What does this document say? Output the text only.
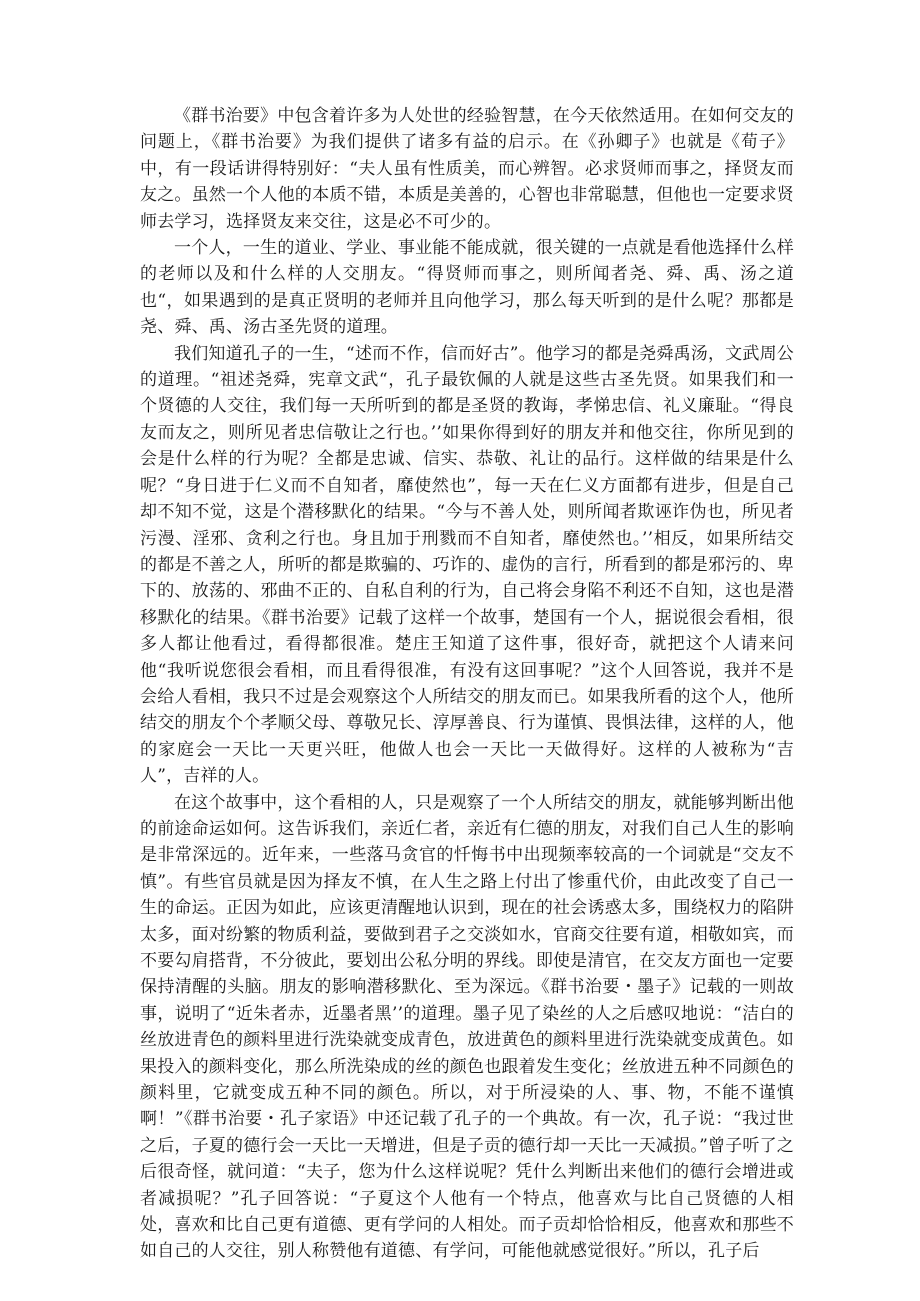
《群书治要》中包含着许多为人处世的经验智慧，在今天依然适用。在如何交友的问题上，《群书治要》为我们提供了诸多有益的启示。在《孙卿子》也就是《荀子》中，有一段话讲得特别好：“夫人虽有性质美，而心辨智。必求贤师而事之，择贤友而友之。虽然一个人他的本质不错，本质是美善的，心智也非常聪慧，但他也一定要求贤师去学习，选择贤友来交往，这是必不可少的。

一个人，一生的道业、学业、事业能不能成就，很关键的一点就是看他选择什么样的老师以及和什么样的人交朋友。“得贤师而事之，则所闻者尧、舜、禹、汤之道也“，如果遇到的是真正贤明的老师并且向他学习，那么每天听到的是什么呢？那都是尧、舜、禹、汤古圣先贤的道理。

我们知道孔子的一生，“述而不作，信而好古”。他学习的都是尧舜禹汤，文武周公的道理。“祖述尧舜，宪章文武“，孔子最钦佩的人就是这些古圣先贤。如果我们和一个贤德的人交往，我们每一天所听到的都是圣贤的教诲，孝悌忠信、礼义廉耻。“得良友而友之，则所见者忠信敬让之行也。’’如果你得到好的朋友并和他交往，你所见到的会是什么样的行为呢？全都是忠诚、信实、恭敬、礼让的品行。这样做的结果是什么呢？“身日进于仁义而不自知者，靡使然也”，每一天在仁义方面都有进步，但是自己却不知不觉，这是个潜移默化的结果。“今与不善人处，则所闻者欺诬诈伪也，所见者污漫、淫邪、贪利之行也。身且加于刑戮而不自知者，靡使然也。’’相反，如果所结交的都是不善之人，所听的都是欺骗的、巧诈的、虚伪的言行，所看到的都是邪污的、卑下的、放荡的、邪曲不正的、自私自利的行为，自己将会身陷不利还不自知，这也是潜移默化的结果。《群书治要》记载了这样一个故事，楚国有一个人，据说很会看相，很多人都让他看过，看得都很准。楚庄王知道了这件事，很好奇，就把这个人请来问他“我听说您很会看相，而且看得很准，有没有这回事呢？”这个人回答说，我并不是会给人看相，我只不过是会观察这个人所结交的朋友而已。如果我所看的这个人，他所结交的朋友个个孝顺父母、尊敬兄长、淳厚善良、行为谨慎、畏惧法律，这样的人，他的家庭会一天比一天更兴旺，他做人也会一天比一天做得好。这样的人被称为“吉人”，吉祥的人。

在这个故事中，这个看相的人，只是观察了一个人所结交的朋友，就能够判断出他的前途命运如何。这告诉我们，亲近仁者，亲近有仁德的朋友，对我们自己人生的影响是非常深远的。近年来，一些落马贪官的忏悔书中出现频率较高的一个词就是“交友不慎”。有些官员就是因为择友不慎，在人生之路上付出了惨重代价，由此改变了自己一生的命运。正因为如此，应该更清醒地认识到，现在的社会诱惑太多，围绕权力的陷阱太多，面对纷繁的物质利益，要做到君子之交淡如水，官商交往要有道，相敬如宾，而不要勾肩搭背，不分彼此，要划出公私分明的界线。即使是清官，在交友方面也一定要保持清醒的头脑。朋友的影响潜移默化、至为深远。《群书治要・墨子》记载的一则故事，说明了“近朱者赤，近墨者黑’’的道理。墨子见了染丝的人之后感叹地说：“洁白的丝放进青色的颜料里进行洗染就变成青色，放进黄色的颜料里进行洗染就变成黄色。如果投入的颜料变化，那么所洗染成的丝的颜色也跟着发生变化；丝放进五种不同颜色的颜料里，它就变成五种不同的颜色。所以，对于所浸染的人、事、物，不能不谨慎啊！”《群书治要・孔子家语》中还记载了孔子的一个典故。有一次，孔子说：“我过世之后，子夏的德行会一天比一天增进，但是子贡的德行却一天比一天减损。”曾子听了之后很奇怪，就问道：“夫子，您为什么这样说呢？凭什么判断出来他们的德行会增进或者减损呢？”孔子回答说：“子夏这个人他有一个特点，他喜欢与比自己贤德的人相处，喜欢和比自己更有道德、更有学问的人相处。而子贡却恰恰相反，他喜欢和那些不如自己的人交往，别人称赞他有道德、有学问，可能他就感觉很好。”所以，孔子后
